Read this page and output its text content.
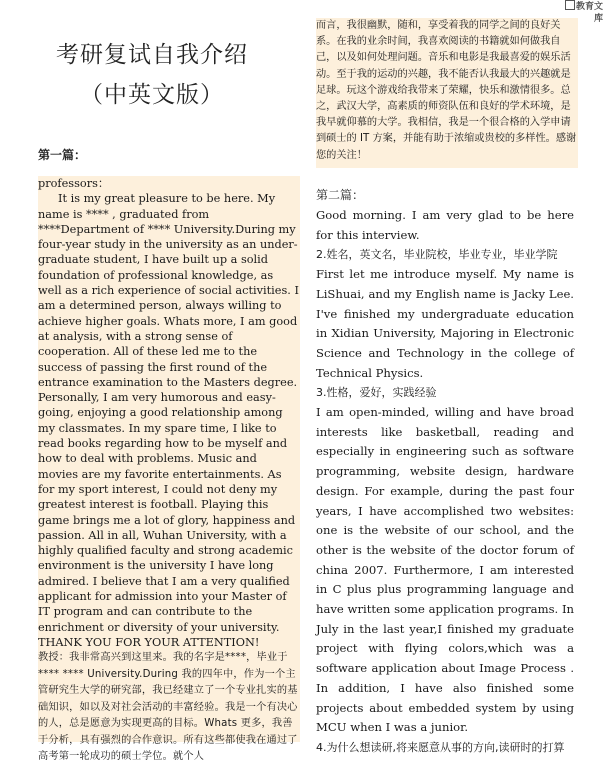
教育文库
考研复试自我介绍
（中英文版）
第一篇：

professors：

It is my great pleasure to be here. My name is **** , graduated from ****Department of **** University.During my four-year study in the university as an under-graduate student, I have built up a solid foundation of professional knowledge, as well as a rich experience of social activities. I am a determined person, always willing to achieve higher goals. Whats more, I am good at analysis, with a strong sense of cooperation. All of these led me to the success of passing the first round of the entrance examination to the Masters degree. Personally, I am very humorous and easy-going, enjoying a good relationship among my classmates. In my spare time, I like to read books regarding how to be myself and how to deal with problems. Music and movies are my favorite entertainments. As for my sport interest, I could not deny my greatest interest is football. Playing this game brings me a lot of glory, happiness and passion. All in all, Wuhan University, with a highly qualified faculty and strong academic environment is the university I have long admired. I believe that I am a very qualified applicant for admission into your Master of IT program and can contribute to the enrichment or diversity of your university.

THANK YOU FOR YOUR ATTENTION!

教授：我非常高兴到这里来。我的名字是****，毕业于**** **** University.During 我的四年中，作为一个主管研究生大学的研究部，我已经建立了一个专业扎实的基础知识，如以及对社会活动的丰富经验。我是一个有决心的人，总是愿意为实现更高的目标。Whats 更多，我善于分析，具有强烈的合作意识。所有这些都使我在通过了高考第一轮成功的硕士学位。就个人

而言，我很幽默，随和，享受着我的同学之间的良好关系。在我的业余时间，我喜欢阅读的书籍就如何做我自己，以及如何处理问题。音乐和电影是我最喜爱的娱乐活动。至于我的运动的兴趣，我不能否认我最大的兴趣就是足球。玩这个游戏给我带来了荣耀，快乐和激情很多。总之，武汉大学，高素质的师资队伍和良好的学术环境，是我早就仰慕的大学。我相信，我是一个很合格的入学申请到硕士的 IT 方案，并能有助于浓缩或贵校的多样性。感谢您的关注！
第二篇：

Good morning. I am very glad to be here for this interview.

2.姓名，英文名，毕业院校，毕业专业，毕业学院

First let me introduce myself. My name is LiShuai, and my English name is Jacky Lee. I've finished my undergraduate education in Xidian University, Majoring in Electronic Science and Technology in the college of Technical Physics.

3.性格，爱好，实践经验

I am open-minded, willing and have broad interests like basketball, reading and especially in engineering such as software programming, website design, hardware design. For example, during the past four years, I have accomplished two websites: one is the website of our school, and the other is the website of the doctor forum of china 2007. Furthermore, I am interested in C plus plus programming language and have written some application programs. In July in the last year,I finished my graduate project with flying colors,which was a software application about Image Process . In addition, I have also finished some projects about embedded system by using MCU when I was a junior.

4.为什么想读研,将来愿意从事的方向,读研时的打算
